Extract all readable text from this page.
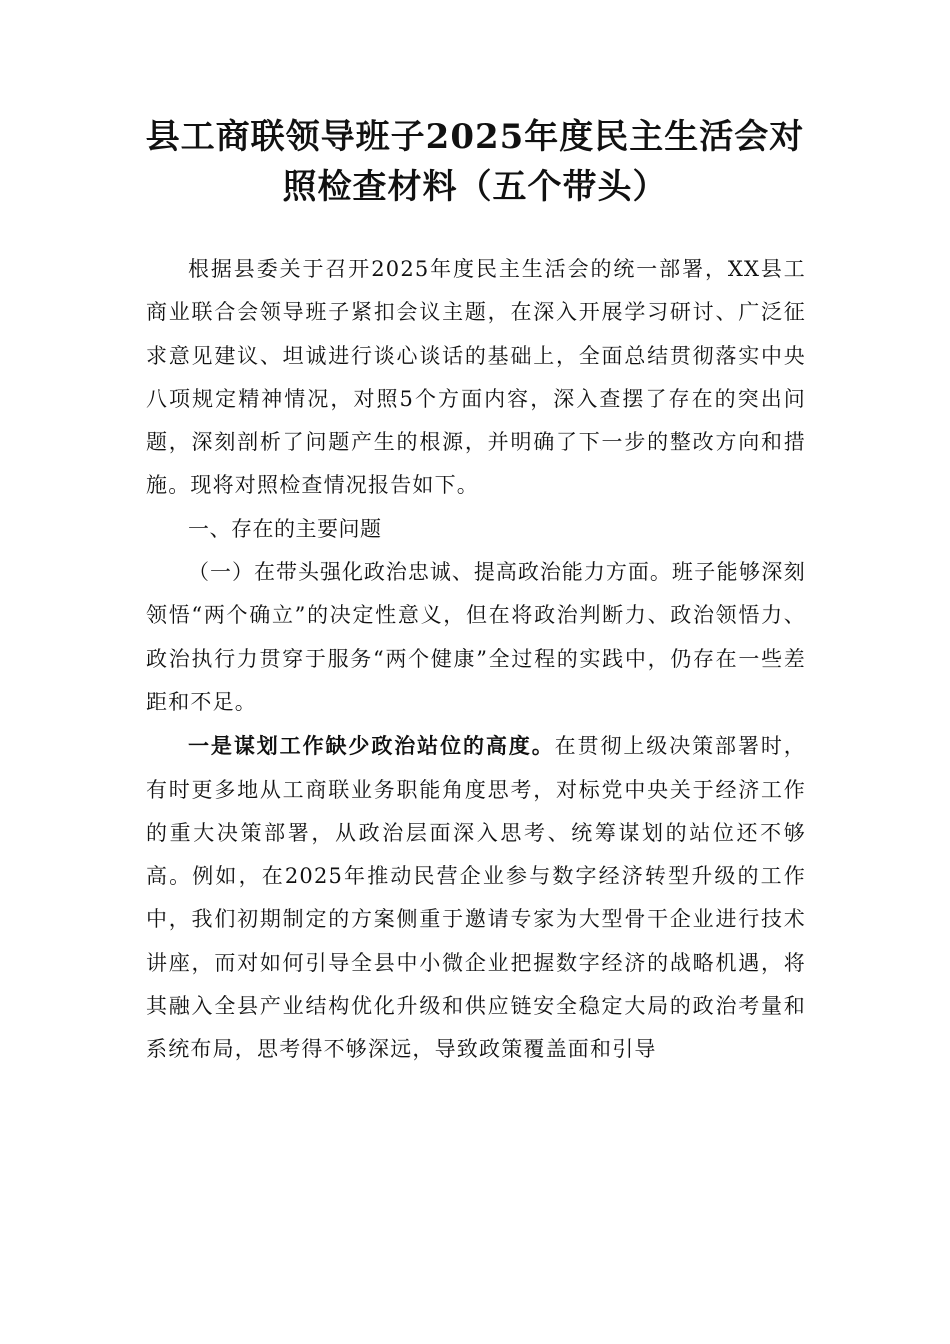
县工商联领导班子2025年度民主生活会对
照检查材料（五个带头）

根据县委关于召开2025年度民主生活会的统一部署，XX县工商业联合会领导班子紧扣会议主题，在深入开展学习研讨、广泛征求意见建议、坦诚进行谈心谈话的基础上，全面总结贯彻落实中央八项规定精神情况，对照5个方面内容，深入查摆了存在的突出问题，深刻剖析了问题产生的根源，并明确了下一步的整改方向和措施。现将对照检查情况报告如下。

一、存在的主要问题

（一）在带头强化政治忠诚、提高政治能力方面。班子能够深刻领悟“两个确立”的决定性意义，但在将政治判断力、政治领悟力、政治执行力贯穿于服务“两个健康”全过程的实践中，仍存在一些差距和不足。

一是谋划工作缺少政治站位的高度。在贯彻上级决策部署时，有时更多地从工商联业务职能角度思考，对标党中央关于经济工作的重大决策部署，从政治层面深入思考、统筹谋划的站位还不够高。例如，在2025年推动民营企业参与数字经济转型升级的工作中，我们初期制定的方案侧重于邀请专家为大型骨干企业进行技术讲座，而对如何引导全县中小微企业把握数字经济的战略机遇，将其融入全县产业结构优化升级和供应链安全稳定大局的政治考量和系统布局，思考得不够深远，导致政策覆盖面和引导
